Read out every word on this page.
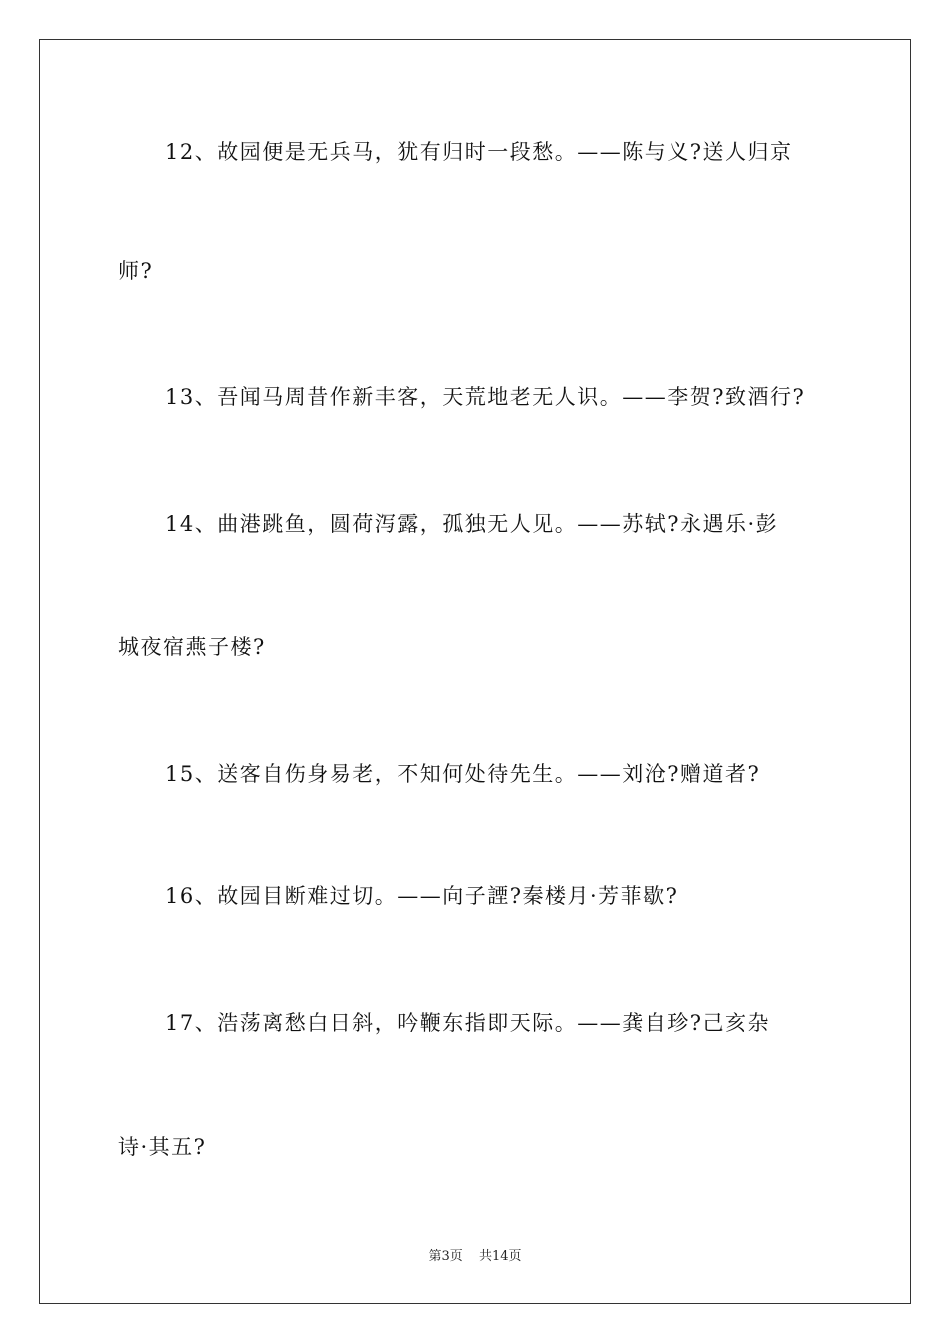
12、故园便是无兵马，犹有归时一段愁。——陈与义?送人归京
师?
13、吾闻马周昔作新丰客，天荒地老无人识。——李贺?致酒行?
14、曲港跳鱼，圆荷泻露，孤独无人见。——苏轼?永遇乐·彭
城夜宿燕子楼?
15、送客自伤身易老，不知何处待先生。——刘沧?赠道者?
16、故园目断难过切。——向子諲?秦楼月·芳菲歇?
17、浩荡离愁白日斜，吟鞭东指即天际。——龚自珍?己亥杂
诗·其五?
第3页 共14页
